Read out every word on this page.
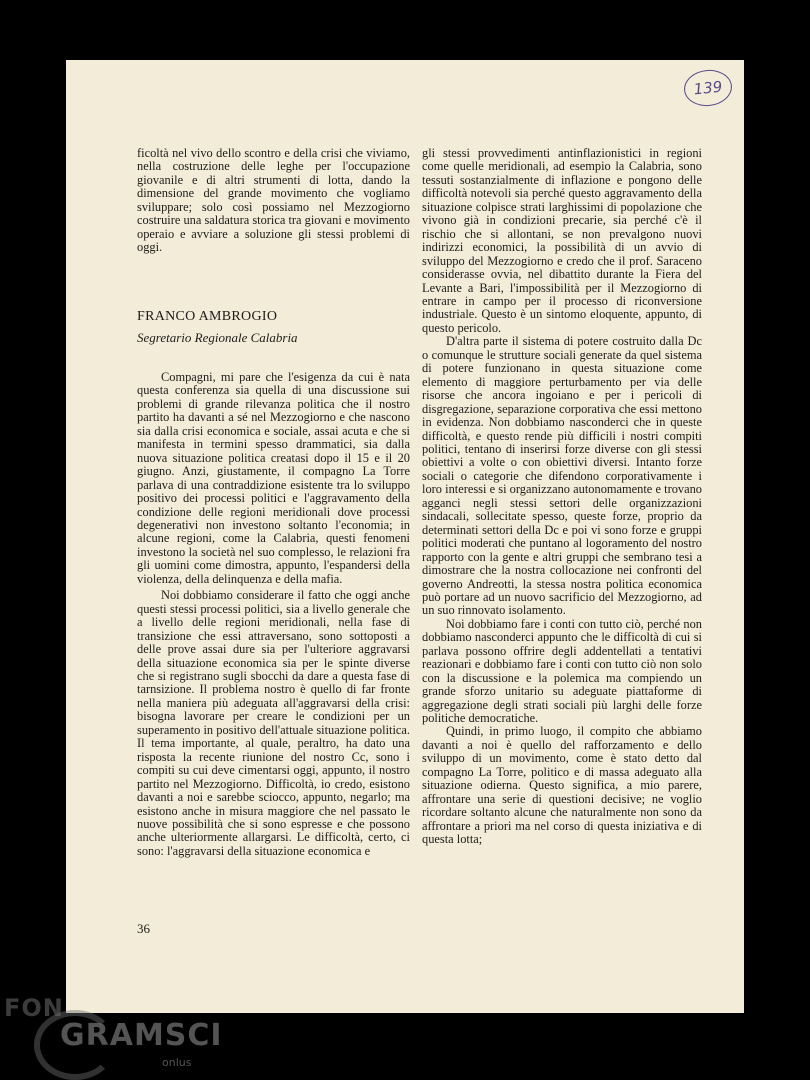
139

ficoltà nel vivo dello scontro e della crisi che viviamo, nella costruzione delle leghe per l'occupazione giovanile e di altri strumenti di lotta, dando la dimensione del grande movimento che vogliamo sviluppare; solo così possiamo nel Mezzogiorno costruire una saldatura storica tra giovani e movimento operaio e avviare a soluzione gli stessi problemi di oggi.

FRANCO AMBROGIO
Segretario Regionale Calabria

Compagni, mi pare che l'esigenza da cui è nata questa conferenza sia quella di una discussione sui problemi di grande rilevanza politica che il nostro partito ha davanti a sé nel Mezzogiorno e che nascono sia dalla crisi economica e sociale, assai acuta e che si manifesta in termini spesso drammatici, sia dalla nuova situazione politica creatasi dopo il 15 e il 20 giugno. Anzi, giustamente, il compagno La Torre parlava di una contraddizione esistente tra lo sviluppo positivo dei processi politici e l'aggravamento della condizione delle regioni meridionali dove processi degenerativi non investono soltanto l'economia; in alcune regioni, come la Calabria, questi fenomeni investono la società nel suo complesso, le relazioni fra gli uomini come dimostra, appunto, l'espandersi della violenza, della delinquenza e della mafia.

Noi dobbiamo considerare il fatto che oggi anche questi stessi processi politici, sia a livello generale che a livello delle regioni meridionali, nella fase di transizione che essi attraversano, sono sottoposti a delle prove assai dure sia per l'ulteriore aggravarsi della situazione economica sia per le spinte diverse che si registrano sugli sbocchi da dare a questa fase di tarnsizione. Il problema nostro è quello di far fronte nella maniera più adeguata all'aggravarsi della crisi: bisogna lavorare per creare le condizioni per un superamento in positivo dell'attuale situazione politica. Il tema importante, al quale, peraltro, ha dato una risposta la recente riunione del nostro Cc, sono i compiti su cui deve cimentarsi oggi, appunto, il nostro partito nel Mezzogiorno. Difficoltà, io credo, esistono davanti a noi e sarebbe sciocco, appunto, negarlo; ma esistono anche in misura maggiore che nel passato le nuove possibilità che si sono espresse e che possono anche ulteriormente allargarsi. Le difficoltà, certo, ci sono: l'aggravarsi della situazione economica e

gli stessi provvedimenti antinflazionistici in regioni come quelle meridionali, ad esempio la Calabria, sono tessuti sostanzialmente di inflazione e pongono delle difficoltà notevoli sia perché questo aggravamento della situazione colpisce strati larghissimi di popolazione che vivono già in condizioni precarie, sia perché c'è il rischio che si allontani, se non prevalgono nuovi indirizzi economici, la possibilità di un avvio di sviluppo del Mezzogiorno e credo che il prof. Saraceno considerasse ovvia, nel dibattito durante la Fiera del Levante a Bari, l'impossibilità per il Mezzogiorno di entrare in campo per il processo di riconversione industriale. Questo è un sintomo eloquente, appunto, di questo pericolo.

D'altra parte il sistema di potere costruito dalla Dc o comunque le strutture sociali generate da quel sistema di potere funzionano in questa situazione come elemento di maggiore perturbamento per via delle risorse che ancora ingoiano e per i pericoli di disgregazione, separazione corporativa che essi mettono in evidenza. Non dobbiamo nasconderci che in queste difficoltà, e questo rende più difficili i nostri compiti politici, tentano di inserirsi forze diverse con gli stessi obiettivi a volte o con obiettivi diversi. Intanto forze sociali o categorie che difendono corporativamente i loro interessi e si organizzano autonomamente e trovano agganci negli stessi settori delle organizzazioni sindacali, sollecitate spesso, queste forze, proprio da determinati settori della Dc e poi vi sono forze e gruppi politici moderati che puntano al logoramento del nostro rapporto con la gente e altri gruppi che sembrano tesi a dimostrare che la nostra collocazione nei confronti del governo Andreotti, la stessa nostra politica economica può portare ad un nuovo sacrificio del Mezzogiorno, ad un suo rinnovato isolamento.

Noi dobbiamo fare i conti con tutto ciò, perché non dobbiamo nasconderci appunto che le difficoltà di cui si parlava possono offrire degli addentellati a tentativi reazionari e dobbiamo fare i conti con tutto ciò non solo con la discussione e la polemica ma compiendo un grande sforzo unitario su adeguate piattaforme di aggregazione degli strati sociali più larghi delle forze politiche democratiche.

Quindi, in primo luogo, il compito che abbiamo davanti a noi è quello del rafforzamento e dello sviluppo di un movimento, come è stato detto dal compagno La Torre, politico e di massa adeguato alla situazione odierna. Questo significa, a mio parere, affrontare una serie di questioni decisive; ne voglio ricordare soltanto alcune che naturalmente non sono da affrontare a priori ma nel corso di questa iniziativa e di questa lotta;

36
FON
GRAMSCI
onlus
